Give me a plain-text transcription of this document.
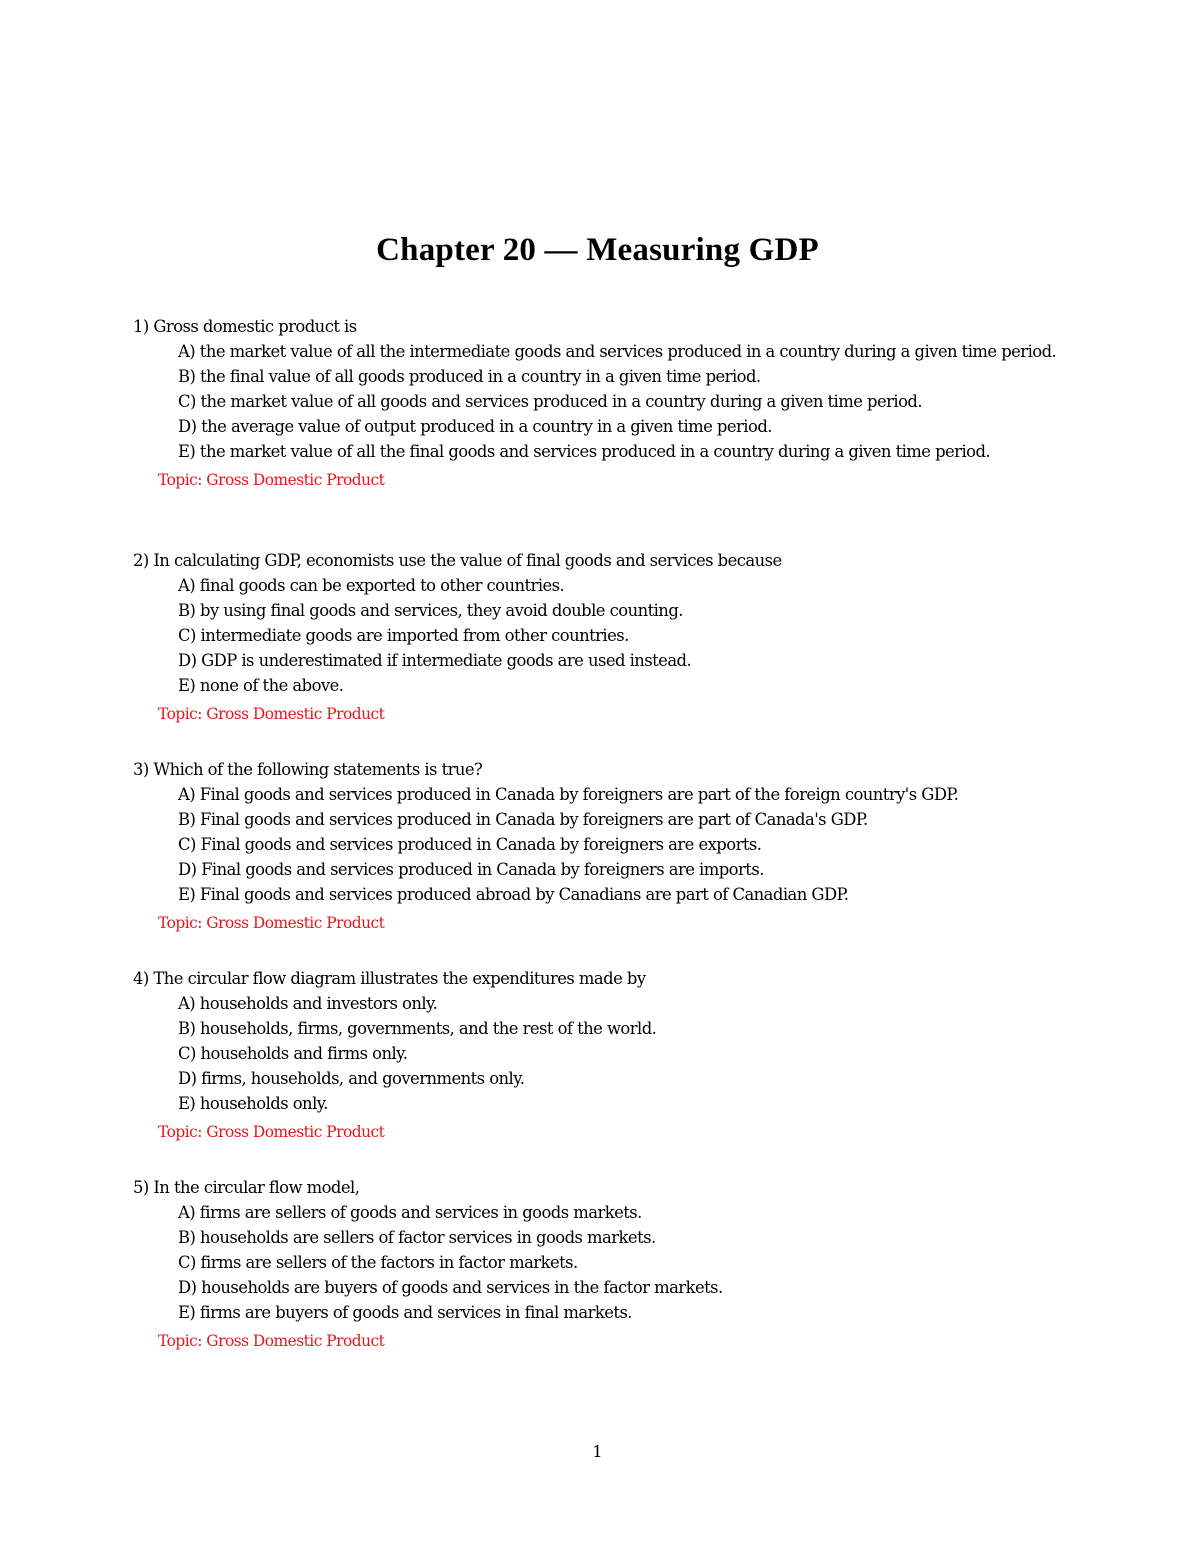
Chapter 20 — Measuring GDP
1) Gross domestic product is
A) the market value of all the intermediate goods and services produced in a country during a given time period.
B) the final value of all goods produced in a country in a given time period.
C) the market value of all goods and services produced in a country during a given time period.
D) the average value of output produced in a country in a given time period.
E) the market value of all the final goods and services produced in a country during a given time period.
Topic: Gross Domestic Product
2) In calculating GDP, economists use the value of final goods and services because
A) final goods can be exported to other countries.
B) by using final goods and services, they avoid double counting.
C) intermediate goods are imported from other countries.
D) GDP is underestimated if intermediate goods are used instead.
E) none of the above.
Topic: Gross Domestic Product
3) Which of the following statements is true?
A) Final goods and services produced in Canada by foreigners are part of the foreign country's GDP.
B) Final goods and services produced in Canada by foreigners are part of Canada's GDP.
C) Final goods and services produced in Canada by foreigners are exports.
D) Final goods and services produced in Canada by foreigners are imports.
E) Final goods and services produced abroad by Canadians are part of Canadian GDP.
Topic: Gross Domestic Product
4) The circular flow diagram illustrates the expenditures made by
A) households and investors only.
B) households, firms, governments, and the rest of the world.
C) households and firms only.
D) firms, households, and governments only.
E) households only.
Topic: Gross Domestic Product
5) In the circular flow model,
A) firms are sellers of goods and services in goods markets.
B) households are sellers of factor services in goods markets.
C) firms are sellers of the factors in factor markets.
D) households are buyers of goods and services in the factor markets.
E) firms are buyers of goods and services in final markets.
Topic: Gross Domestic Product
1
